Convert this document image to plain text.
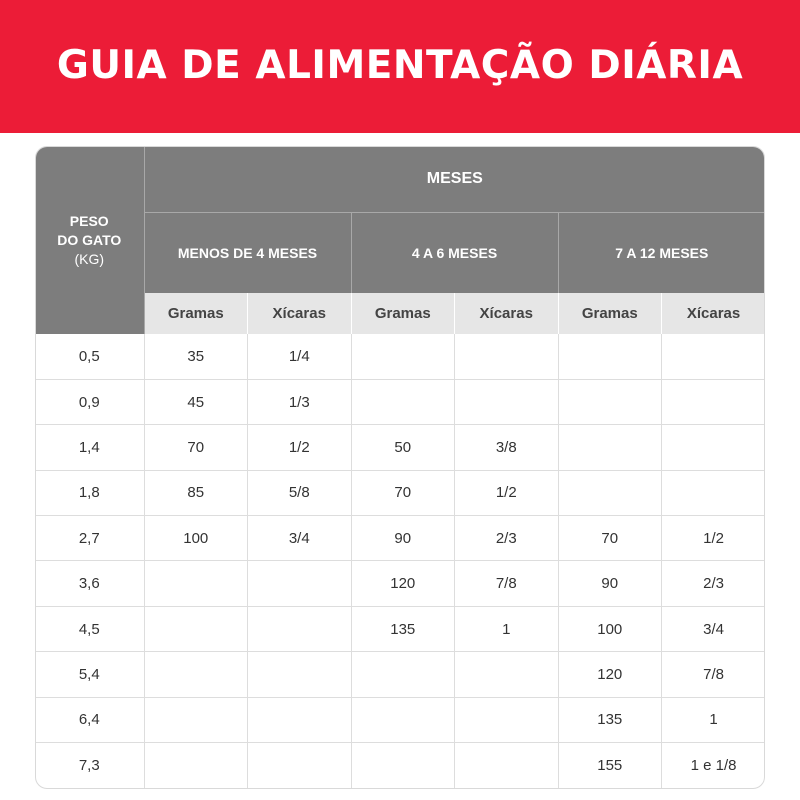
GUIA DE ALIMENTAÇÃO DIÁRIA
PESO
DO GATO
(KG)	MESES					
	MENOS DE 4 MESES		4 A 6 MESES		7 A 12 MESES	
	Gramas	Xícaras	Gramas	Xícaras	Gramas	Xícaras
0,5	35	1/4				
0,9	45	1/3				
1,4	70	1/2	50	3/8		
1,8	85	5/8	70	1/2		
2,7	100	3/4	90	2/3	70	1/2
3,6			120	7/8	90	2/3
4,5			135	1	100	3/4
5,4					120	7/8
6,4					135	1
7,3					155	1 e 1/8
